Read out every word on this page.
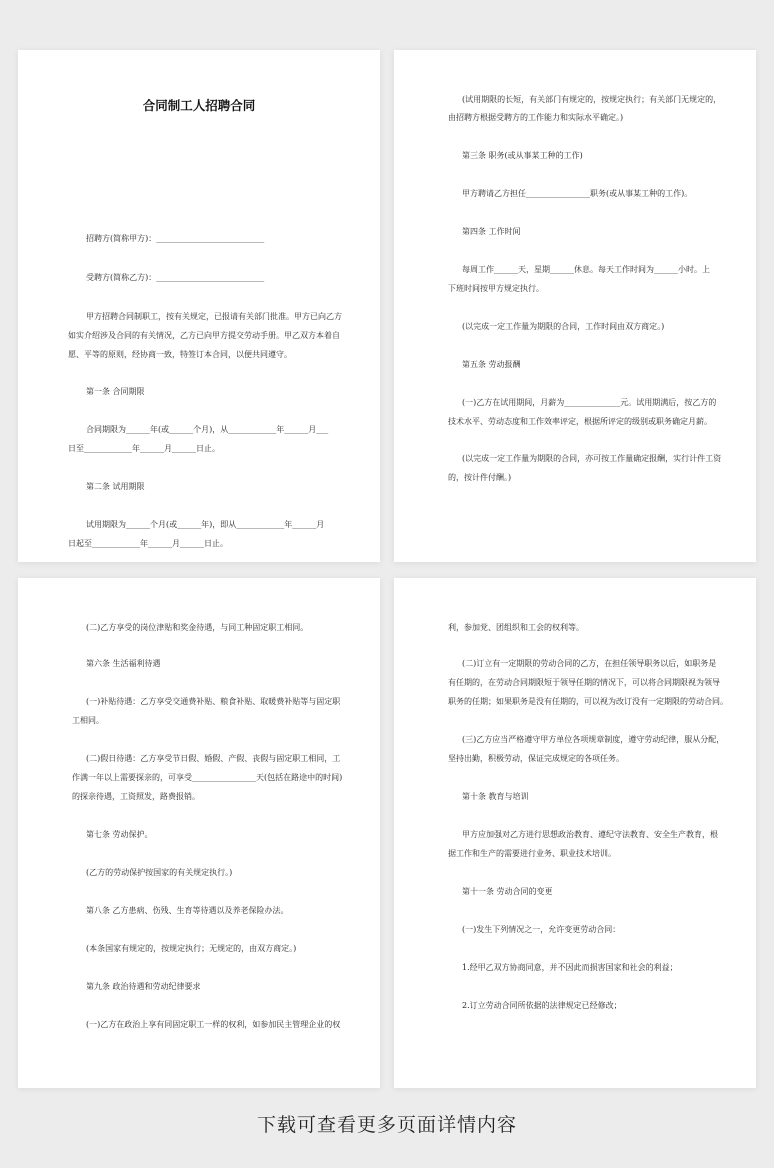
合同制工人招聘合同
招聘方(简称甲方)：___________________________
受聘方(简称乙方)：___________________________
甲方招聘合同制职工，按有关规定，已报请有关部门批准。甲方已向乙方
如实介绍涉及合同的有关情况，乙方已向甲方提交劳动手册。甲乙双方本着自
愿、平等的原则，经协商一致，特签订本合同，以便共同遵守。
第一条 合同期限
合同期限为______年(或______个月)，从____________年______月___
日至____________年______月______日止。
第二条 试用期限
试用期限为______个月(或______年)，即从____________年______月
日起至____________年______月______日止。
(试用期限的长短，有关部门有规定的，按规定执行；有关部门无规定的，
由招聘方根据受聘方的工作能力和实际水平确定。)
第三条 职务(或从事某工种的工作)
甲方聘请乙方担任________________职务(或从事某工种的工作)。
第四条 工作时间
每周工作______天，星期______休息。每天工作时间为______小时。上
下班时间按甲方规定执行。
(以完成一定工作量为期限的合同，工作时间由双方商定。)
第五条 劳动报酬
(一)乙方在试用期间，月薪为______________元。试用期满后，按乙方的
技术水平、劳动态度和工作效率评定，根据所评定的级别或职务确定月薪。
(以完成一定工作量为期限的合同，亦可按工作量确定报酬，实行计件工资
的，按计件付酬。)
(二)乙方享受的岗位津贴和奖金待遇，与同工种固定职工相同。
第六条 生活福利待遇
(一)补贴待遇：乙方享受交通费补贴、粮食补贴、取暖费补贴等与固定职
工相同。
(二)假日待遇：乙方享受节日假、婚假、产假、丧假与固定职工相同，工
作满一年以上需要探亲的，可享受________________天(包括在路途中的时间)
的探亲待遇，工资照发，路费报销。
第七条 劳动保护。
(乙方的劳动保护按国家的有关规定执行。)
第八条 乙方患病、伤残、生育等待遇以及养老保险办法。
(本条国家有规定的，按规定执行；无规定的，由双方商定。)
第九条 政治待遇和劳动纪律要求
(一)乙方在政治上享有同固定职工一样的权利，如参加民主管理企业的权
利，参加党、团组织和工会的权利等。
(二)订立有一定期限的劳动合同的乙方，在担任领导职务以后，如职务是
有任期的，在劳动合同期限短于领导任期的情况下，可以将合同期限视为领导
职务的任期；如果职务是没有任期的，可以视为改订没有一定期限的劳动合同。
(三)乙方应当严格遵守甲方单位各项规章制度，遵守劳动纪律，服从分配，
坚持出勤，积极劳动，保证完成规定的各项任务。
第十条 教育与培训
甲方应加强对乙方进行思想政治教育、遵纪守法教育、安全生产教育，根
据工作和生产的需要进行业务、职业技术培训。
第十一条 劳动合同的变更
(一)发生下列情况之一，允许变更劳动合同：
1.经甲乙双方协商同意，并不因此而损害国家和社会的利益；
2.订立劳动合同所依据的法律规定已经修改；
下载可查看更多页面详情内容
